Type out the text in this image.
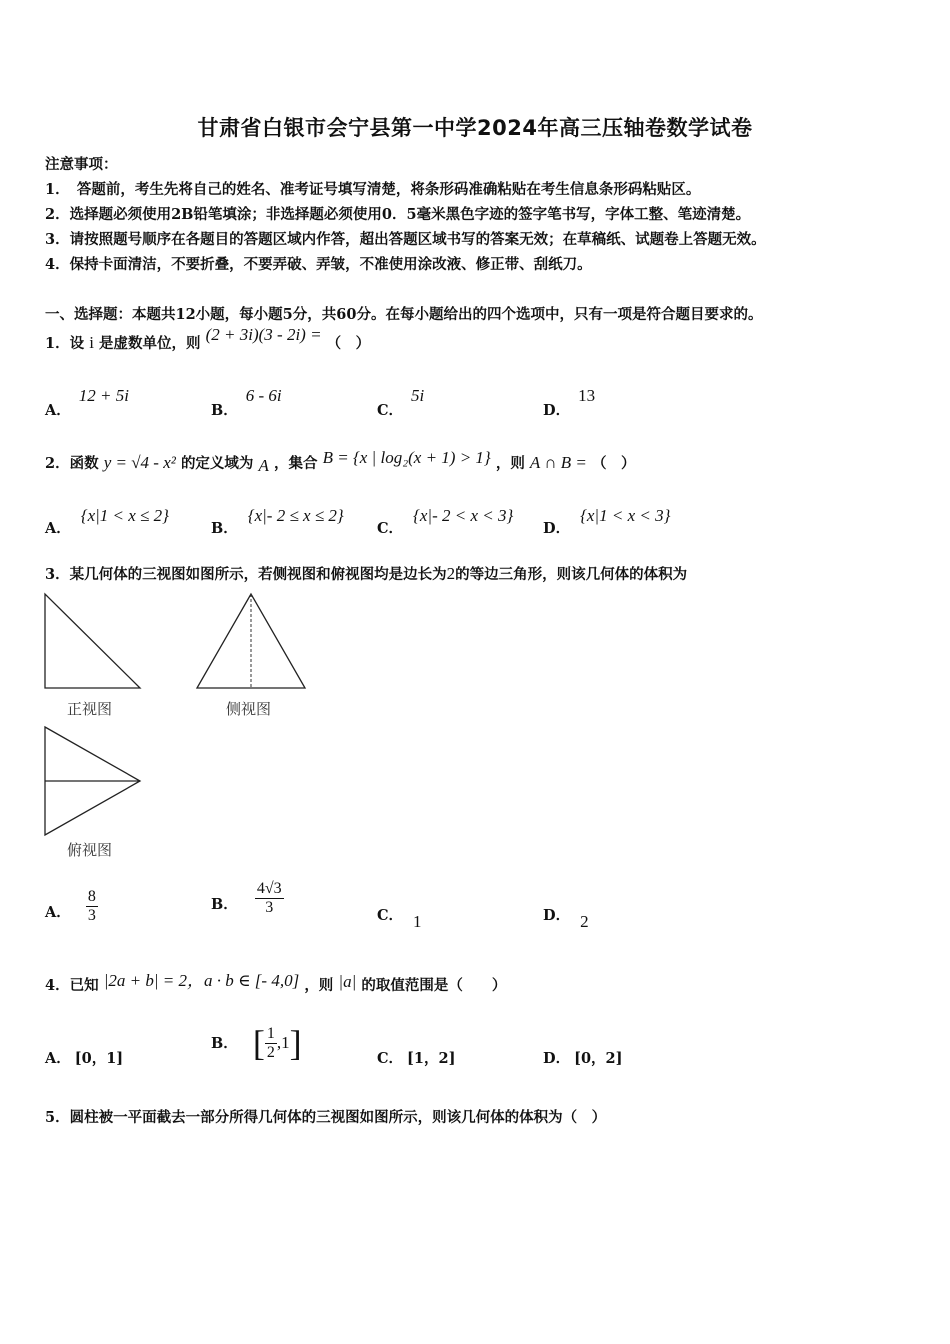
甘肃省白银市会宁县第一中学2024年高三压轴卷数学试卷
注意事项：
1．　答题前，考生先将自己的姓名、准考证号填写清楚，将条形码准确粘贴在考生信息条形码粘贴区。
2．选择题必须使用2B铅笔填涂；非选择题必须使用0．5毫米黑色字迹的签字笔书写，字体工整、笔迹清楚。
3．请按照题号顺序在各题目的答题区域内作答，超出答题区域书写的答案无效；在草稿纸、试题卷上答题无效。
4．保持卡面清洁，不要折叠，不要弄破、弄皱，不准使用涂改液、修正带、刮纸刀。
一、选择题：本题共12小题，每小题5分，共60分。在每小题给出的四个选项中，只有一项是符合题目要求的。
1．设 i 是虚数单位，则 (2 + 3i)(3 - 2i) = （　）
A．12 + 5i
B．6 - 6i
C．5i
D．13
2．函数 y = √4 - x² 的定义域为 A ，集合 B = {x | log₂(x + 1) > 1} ，则 A ∩ B = （　）
A．{x|1 < x ≤ 2}
B．{x|- 2 ≤ x ≤ 2}
C．{x|- 2 < x < 3}
D．{x|1 < x < 3}
3．某几何体的三视图如图所示，若侧视图和俯视图均是边长为2的等边三角形，则该几何体的体积为
正视图	侧视图
俯视图
A． $\frac{8}{3}$	B． $\frac{4√3}{3}$	C． 1	D． 2
4．已知 |2a + b| = 2，a · b ∈ [- 4,0] ，则 |a| 的取值范围是（　　）
A． [0，1]
B． [ $\frac{1}{2} ,1$]	C． [1，2]	D． [0，2]
5．圆柱被一平面截去一部分所得几何体的三视图如图所示，则该几何体的体积为（　）
